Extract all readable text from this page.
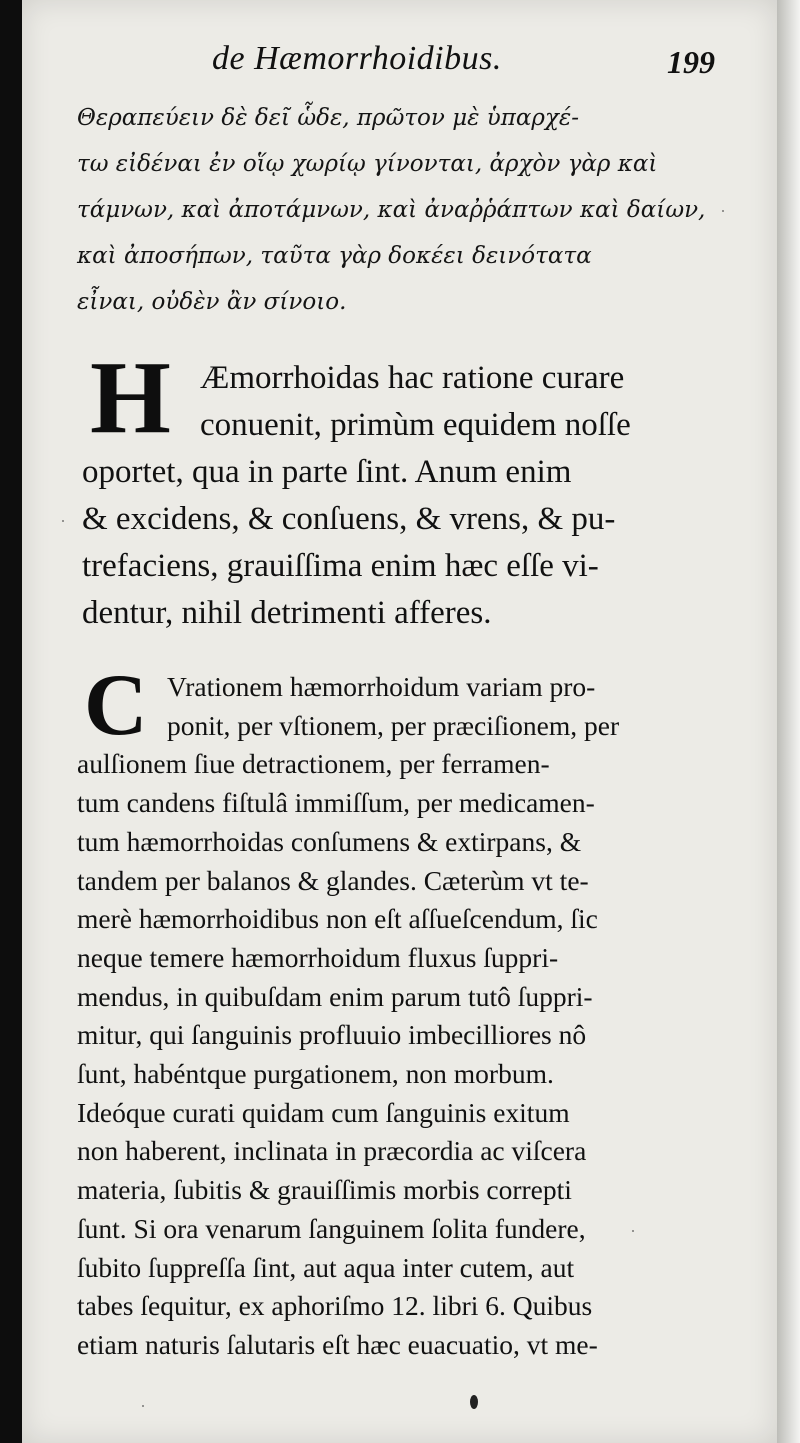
de Hæmorrhoidibus.	199
Θεραπεύειν δὲ δεῖ ὧδε, πρῶτον μὲ ὑπαρχέ-
τω εἰδέναι ἐν οἵῳ χωρίῳ γίνονται, ἀρχὸν γὰρ καὶ
τάμνων, καὶ ἀποτάμνων, καὶ ἀναῤῥάπτων καὶ δαίων,
καὶ ἀποσήπων, ταῦτα γὰρ δοκέει δεινότατα
εἶναι, οὐδὲν ἂν σίνοιο.
H Æmorrhoidas hac ratione curare
conuenit, primùm equidem noſſe
oportet, qua in parte ſint. Anum enim
& excidens, & conſuens, & vrens, & pu-
trefaciens, grauiſſima enim hæc eſſe vi-
dentur, nihil detrimenti afferes.
C Vrationem hæmorrhoidum variam pro-
ponit, per vſtionem, per præciſionem, per
aulſionem ſiue detractionem, per ferramen-
tum candens fiſtulâ immiſſum, per medicamen-
tum hæmorrhoidas conſumens & extirpans, &
tandem per balanos & glandes. Cæterùm vt te-
merè hæmorrhoidibus non eſt aſſueſcendum, ſic
neque temere hæmorrhoidum fluxus ſuppri-
mendus, in quibuſdam enim parum tutô ſuppri-
mitur, qui ſanguinis profluuio imbecilliores nô
ſunt, habéntque purgationem, non morbum.
Ideóque curati quidam cum ſanguinis exitum
non haberent, inclinata in præcordia ac viſcera
materia, ſubitis & grauiſſimis morbis correpti
ſunt. Si ora venarum ſanguinem ſolita fundere,
ſubito ſuppreſſa ſint, aut aqua inter cutem, aut
tabes ſequitur, ex aphoriſmo 12. libri 6. Quibus
etiam naturis ſalutaris eſt hæc euacuatio, vt me-
